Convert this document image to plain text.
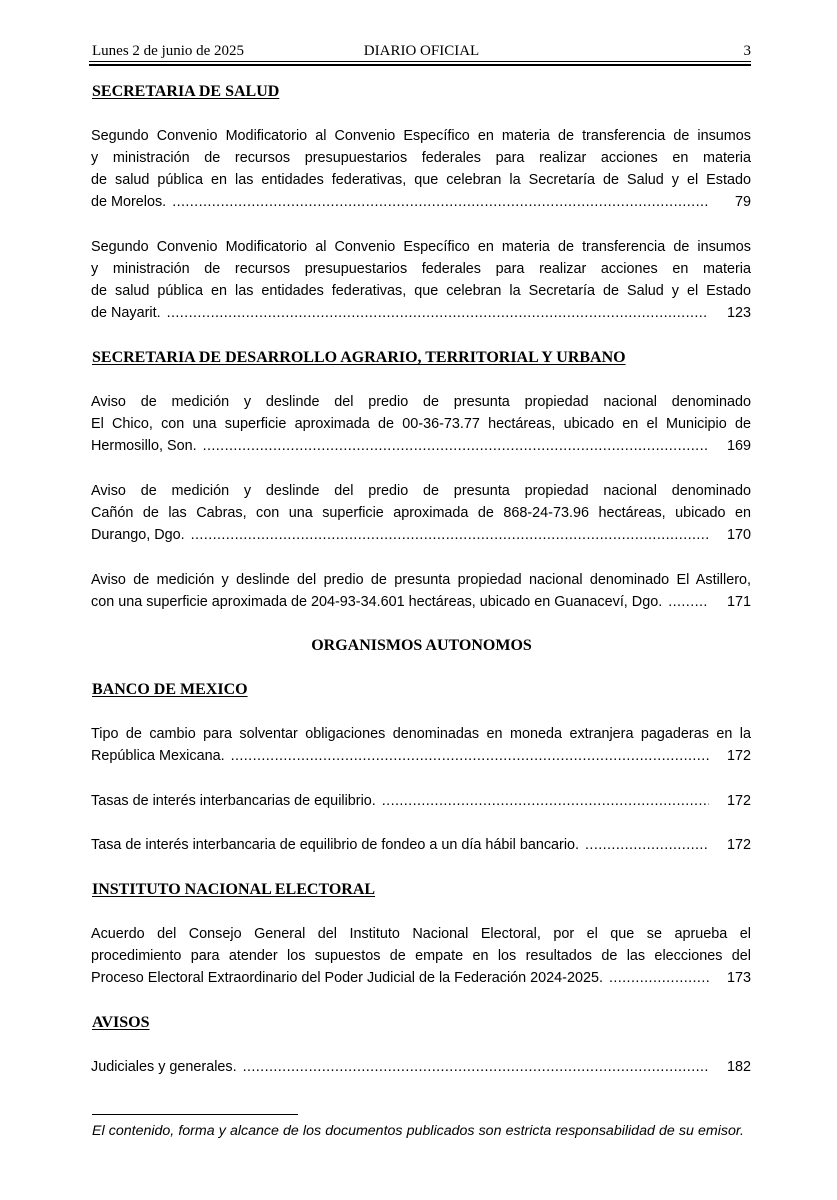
Lunes 2 de junio de 2025	DIARIO OFICIAL	3
SECRETARIA DE SALUD
Segundo Convenio Modificatorio al Convenio Específico en materia de transferencia de insumos
y ministración de recursos presupuestarios federales para realizar acciones en materia
de salud pública en las entidades federativas, que celebran la Secretaría de Salud y el Estado
de Morelos. .....	79
Segundo Convenio Modificatorio al Convenio Específico en materia de transferencia de insumos
y ministración de recursos presupuestarios federales para realizar acciones en materia
de salud pública en las entidades federativas, que celebran la Secretaría de Salud y el Estado
de Nayarit. .....	123
SECRETARIA DE DESARROLLO AGRARIO, TERRITORIAL Y URBANO
Aviso de medición y deslinde del predio de presunta propiedad nacional denominado
El Chico, con una superficie aproximada de 00-36-73.77 hectáreas, ubicado en el Municipio de
Hermosillo, Son. .....	169
Aviso de medición y deslinde del predio de presunta propiedad nacional denominado
Cañón de las Cabras, con una superficie aproximada de 868-24-73.96 hectáreas, ubicado en
Durango, Dgo. .....	170
Aviso de medición y deslinde del predio de presunta propiedad nacional denominado El Astillero,
con una superficie aproximada de 204-93-34.601 hectáreas, ubicado en Guanaceví, Dgo. .....	171
ORGANISMOS AUTONOMOS
BANCO DE MEXICO
Tipo de cambio para solventar obligaciones denominadas en moneda extranjera pagaderas en la
República Mexicana. .....	172
Tasas de interés interbancarias de equilibrio. .....	172
Tasa de interés interbancaria de equilibrio de fondeo a un día hábil bancario. .....	172
INSTITUTO NACIONAL ELECTORAL
Acuerdo del Consejo General del Instituto Nacional Electoral, por el que se aprueba el
procedimiento para atender los supuestos de empate en los resultados de las elecciones del
Proceso Electoral Extraordinario del Poder Judicial de la Federación 2024-2025. .....	173
AVISOS
Judiciales y generales. .....	182
El contenido, forma y alcance de los documentos publicados son estricta responsabilidad de su emisor.
